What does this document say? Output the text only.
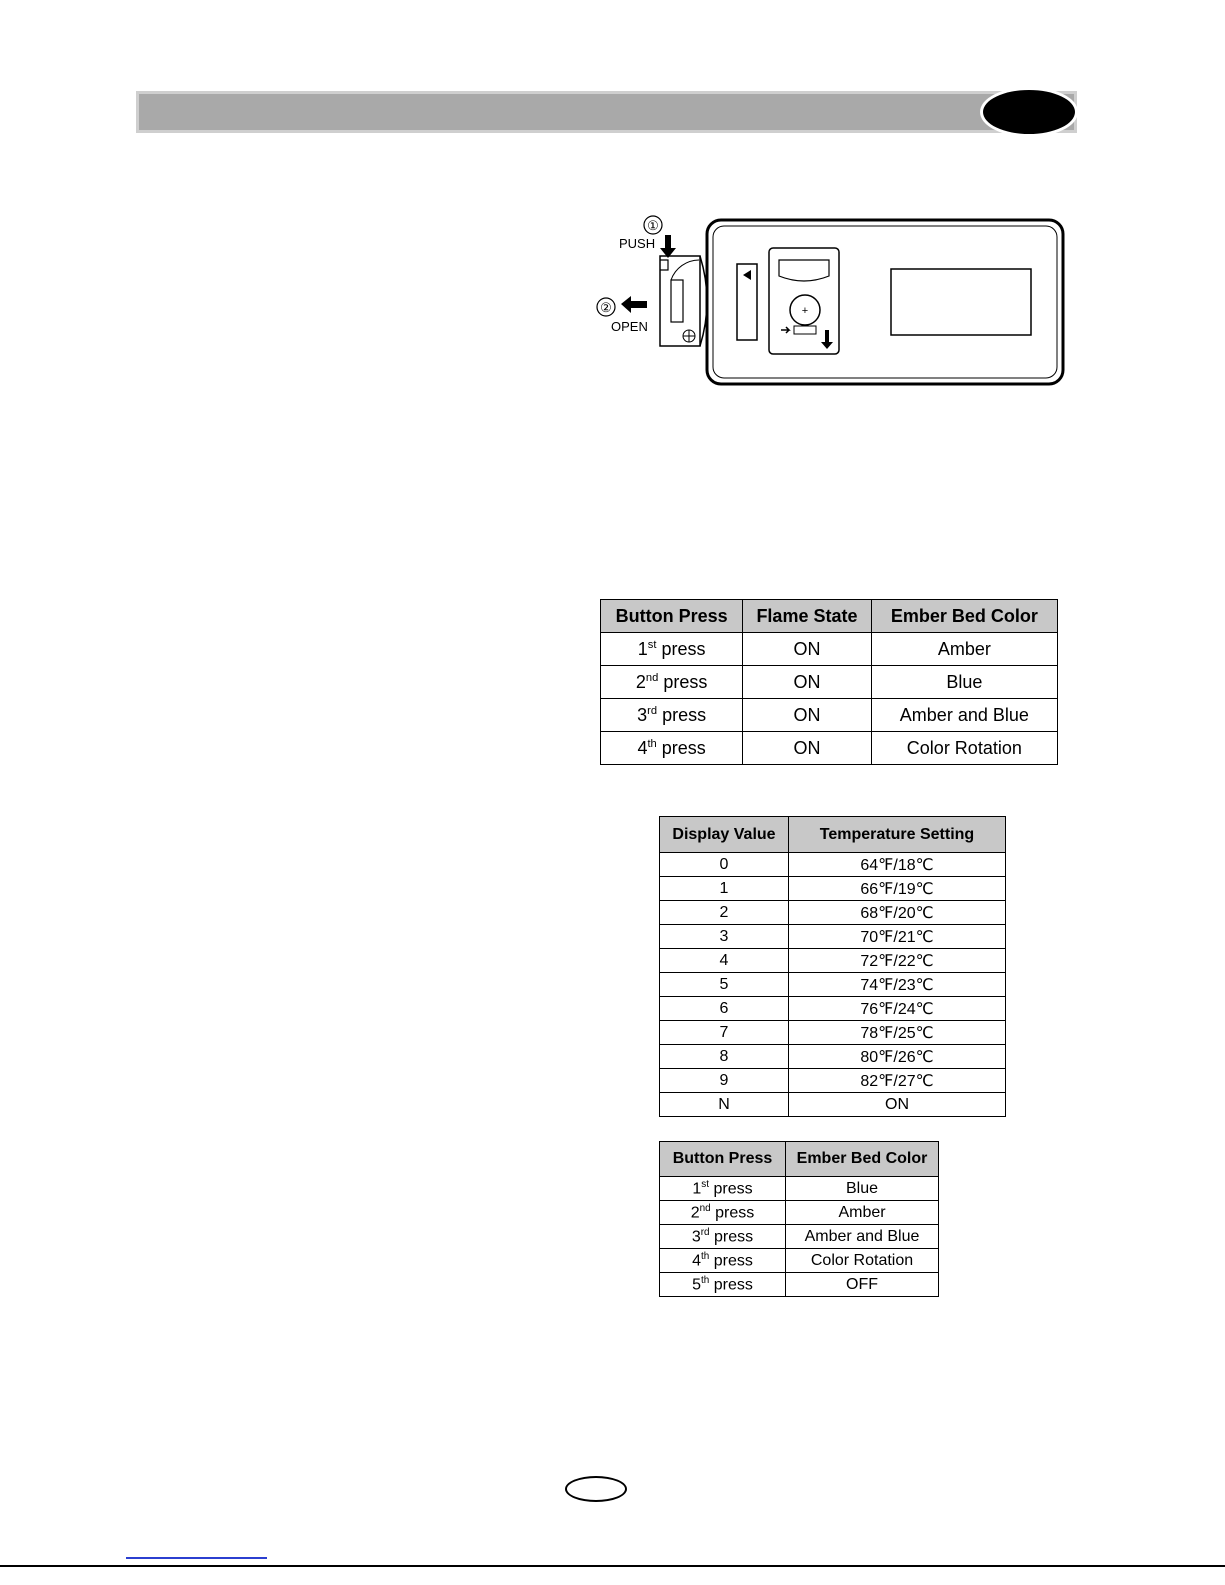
①
PUSH
②
OPEN
+
Button Press	Flame State	Ember Bed Color
1st press	ON	Amber
2nd press	ON	Blue
3rd press	ON	Amber and Blue
4th press	ON	Color Rotation
Display Value	Temperature Setting
0	64℉/18℃
1	66℉/19℃
2	68℉/20℃
3	70℉/21℃
4	72℉/22℃
5	74℉/23℃
6	76℉/24℃
7	78℉/25℃
8	80℉/26℃
9	82℉/27℃
N	ON
Button Press	Ember Bed Color
1st press	Blue
2nd press	Amber
3rd press	Amber and Blue
4th press	Color Rotation
5th press	OFF
